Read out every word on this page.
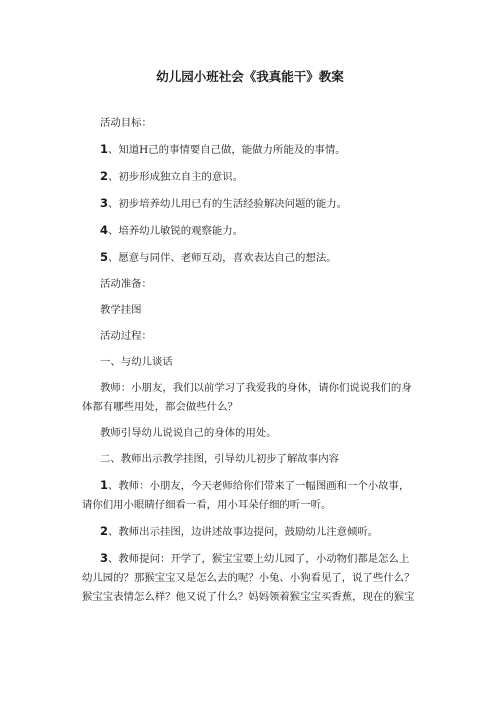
幼儿园小班社会《我真能干》教案

活动目标：

1、知道H己的事情要自己做，能做力所能及的事情。

2、初步形成独立自主的意识。

3、初步培养幼儿用已有的生活经验解决问题的能力。

4、培养幼儿敏锐的观察能力。

5、愿意与同伴、老师互动，喜欢表达自己的想法。

活动准备：

教学挂图

活动过程：

一、与幼儿谈话

教师：小朋友，我们以前学习了我爱我的身体，请你们说说我们的身

体都有哪些用处，都会做些什么？

教师引导幼儿说说自己的身体的用处。

二、教师出示教学挂图，引导幼儿初步了解故事内容

1、教师：小朋友，今天老师给你们带来了一幅图画和一个小故事，

请你们用小眼睛仔细看一看，用小耳朵仔细的听一听。

2、教师出示挂图，边讲述故事边提问，鼓励幼儿注意倾听。

3、教师提问：开学了，猴宝宝要上幼儿园了，小动物们都是怎么上

幼儿园的？那猴宝宝又是怎么去的呢？小兔、小狗看见了，说了些什么？

猴宝宝表情怎么样？他又说了什么？妈妈领着猴宝宝买香蕉，现在的猴宝
